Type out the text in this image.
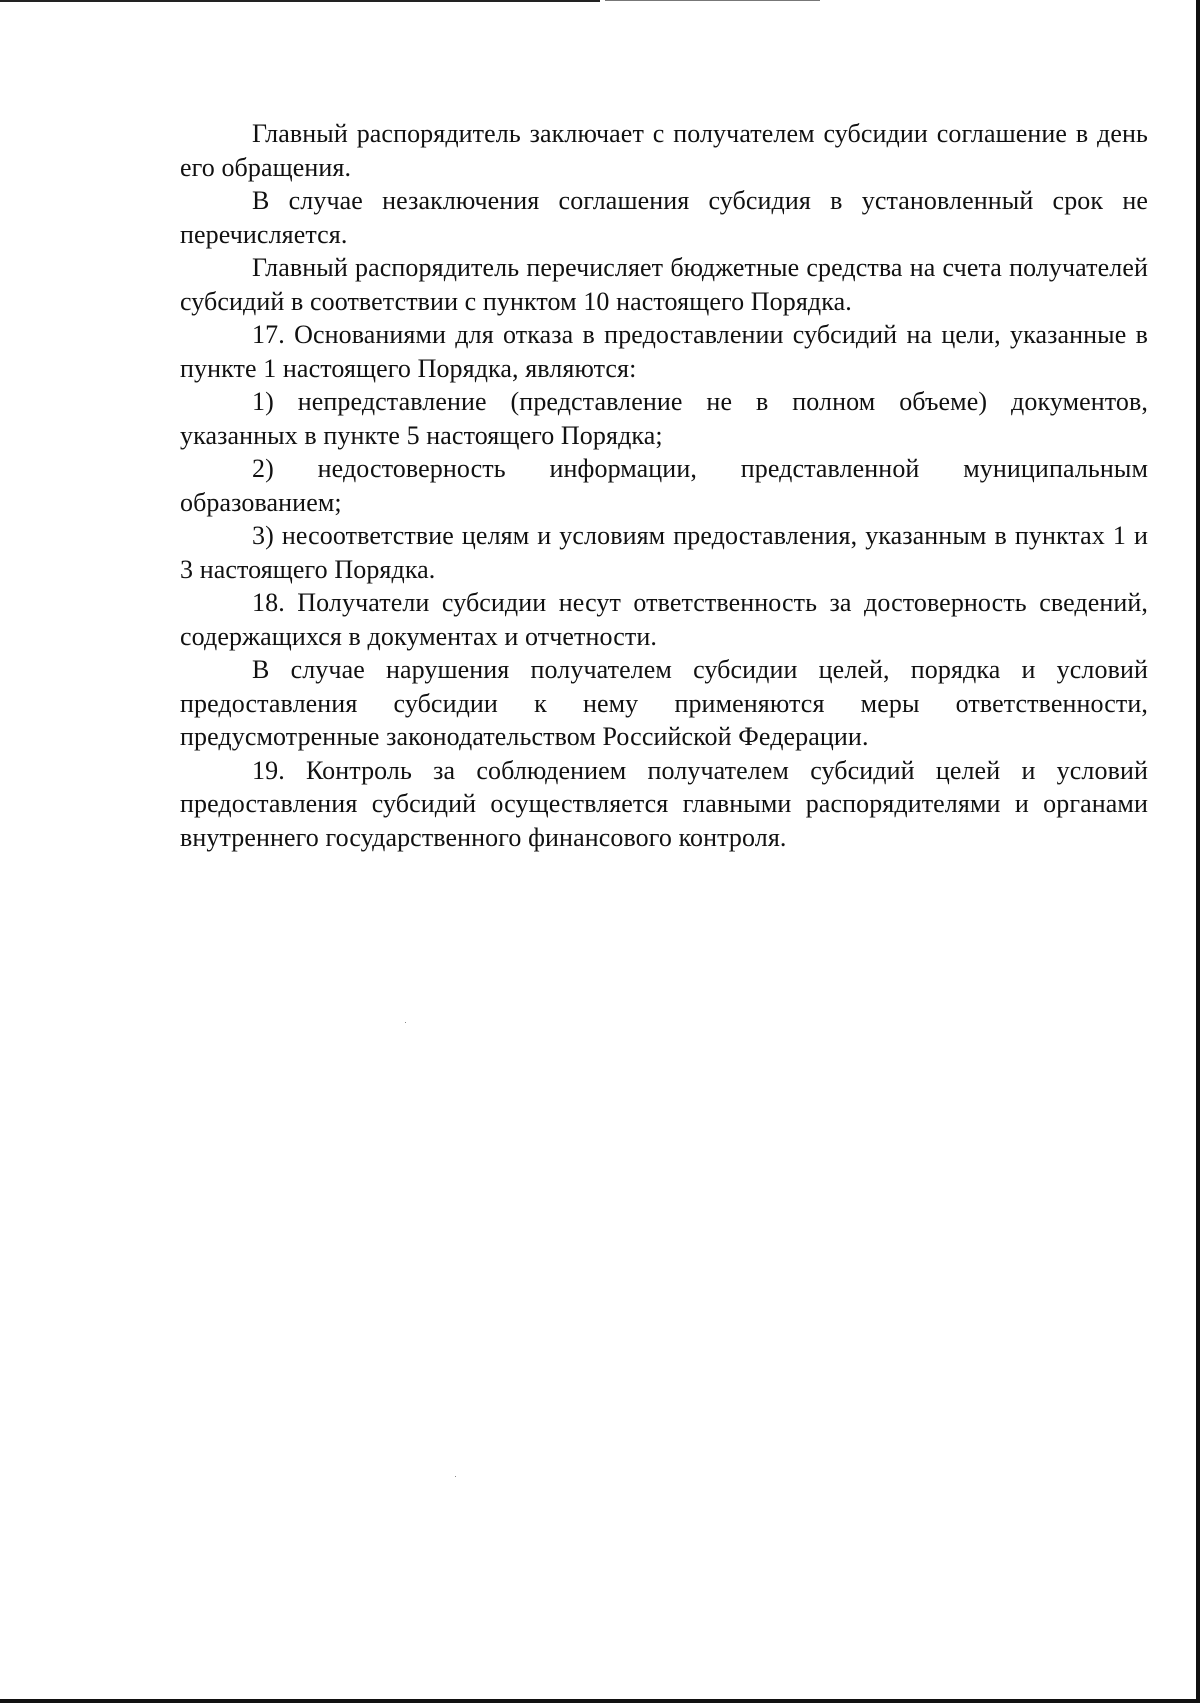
Главный распорядитель заключает с получателем субсидии соглашение в день его обращения.

В случае незаключения соглашения субсидия в установленный срок не перечисляется.

Главный распорядитель перечисляет бюджетные средства на счета получателей субсидий в соответствии с пунктом 10 настоящего Порядка.

17. Основаниями для отказа в предоставлении субсидий на цели, указанные в пункте 1 настоящего Порядка, являются:

1) непредставление (представление не в полном объеме) документов, указанных в пункте 5 настоящего Порядка;

2) недостоверность информации, представленной муниципальным образованием;

3) несоответствие целям и условиям предоставления, указанным в пунктах 1 и 3 настоящего Порядка.

18. Получатели субсидии несут ответственность за достоверность сведений, содержащихся в документах и отчетности.

В случае нарушения получателем субсидии целей, порядка и условий предоставления субсидии к нему применяются меры ответственности, предусмотренные законодательством Российской Федерации.

19. Контроль за соблюдением получателем субсидий целей и условий предоставления субсидий осуществляется главными распорядителями и органами внутреннего государственного финансового контроля.
